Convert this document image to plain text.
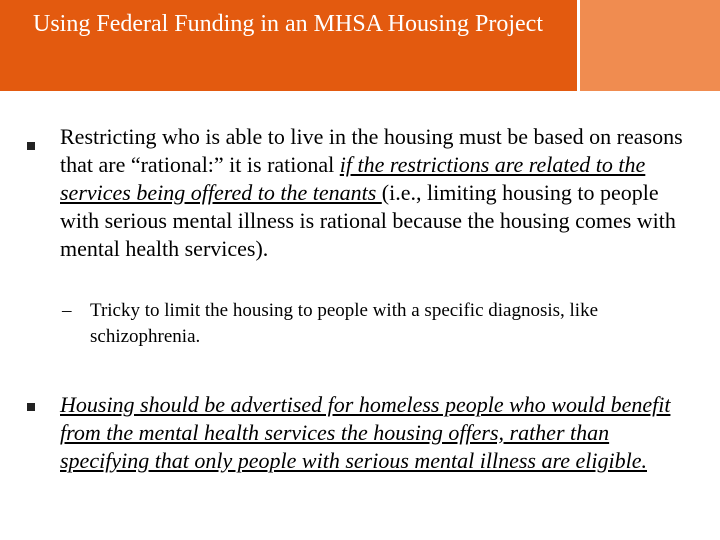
Using Federal Funding in an MHSA Housing Project
Restricting who is able to live in the housing must be based on reasons that are “rational:” it is rational if the restrictions are related to the services being offered to the tenants (i.e., limiting housing to people with serious mental illness is rational because the housing comes with mental health services).
– Tricky to limit the housing to people with a specific diagnosis, like schizophrenia.
Housing should be advertised for homeless people who would benefit from the mental health services the housing offers, rather than specifying that only people with serious mental illness are eligible.
